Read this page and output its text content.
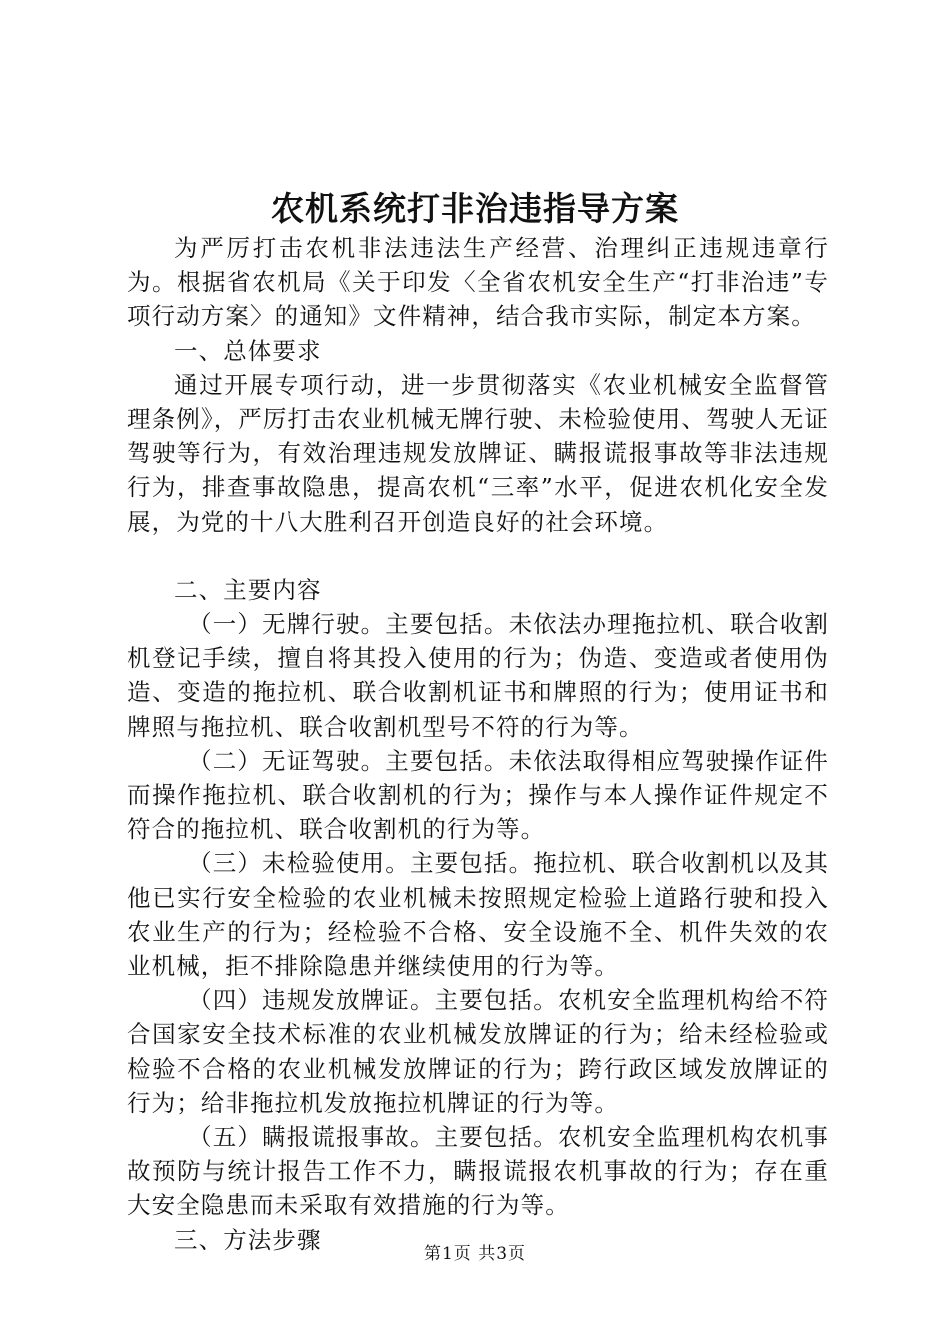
农机系统打非治违指导方案

为严厉打击农机非法违法生产经营、治理纠正违规违章行为。根据省农机局《关于印发〈全省农机安全生产“打非治违”专项行动方案〉的通知》文件精神，结合我市实际，制定本方案。

一、总体要求

通过开展专项行动，进一步贯彻落实《农业机械安全监督管理条例》，严厉打击农业机械无牌行驶、未检验使用、驾驶人无证驾驶等行为，有效治理违规发放牌证、瞒报谎报事故等非法违规行为，排查事故隐患，提高农机“三率”水平，促进农机化安全发展，为党的十八大胜利召开创造良好的社会环境。

二、主要内容

（一）无牌行驶。主要包括。未依法办理拖拉机、联合收割机登记手续，擅自将其投入使用的行为；伪造、变造或者使用伪造、变造的拖拉机、联合收割机证书和牌照的行为；使用证书和牌照与拖拉机、联合收割机型号不符的行为等。

（二）无证驾驶。主要包括。未依法取得相应驾驶操作证件而操作拖拉机、联合收割机的行为；操作与本人操作证件规定不符合的拖拉机、联合收割机的行为等。

（三）未检验使用。主要包括。拖拉机、联合收割机以及其他已实行安全检验的农业机械未按照规定检验上道路行驶和投入农业生产的行为；经检验不合格、安全设施不全、机件失效的农业机械，拒不排除隐患并继续使用的行为等。

（四）违规发放牌证。主要包括。农机安全监理机构给不符合国家安全技术标准的农业机械发放牌证的行为；给未经检验或检验不合格的农业机械发放牌证的行为；跨行政区域发放牌证的行为；给非拖拉机发放拖拉机牌证的行为等。

（五）瞒报谎报事故。主要包括。农机安全监理机构农机事故预防与统计报告工作不力，瞒报谎报农机事故的行为；存在重大安全隐患而未采取有效措施的行为等。

三、方法步骤

第1页 共3页
